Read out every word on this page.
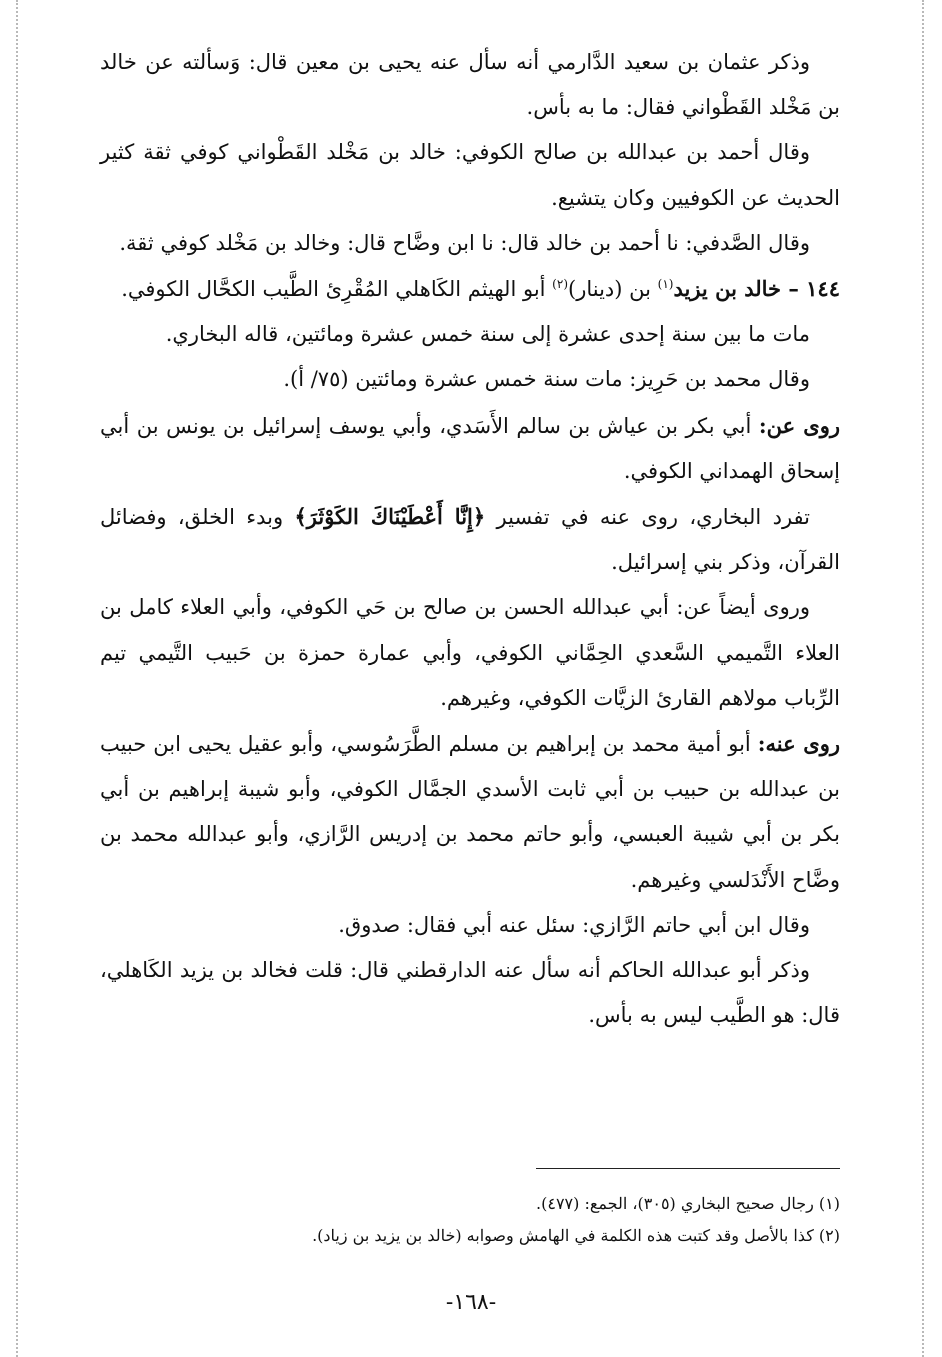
وذكر عثمان بن سعيد الدَّارمي أنه سأل عنه يحيى بن معين قال: وَسألته عن خالد بن مَخْلد القَطْواني فقال: ما به بأس.

وقال أحمد بن عبدالله بن صالح الكوفي: خالد بن مَخْلد القَطْواني كوفي ثقة كثير الحديث عن الكوفيين وكان يتشيع.

وقال الصَّدفي: نا أحمد بن خالد قال: نا ابن وضَّاح قال: وخالد بن مَخْلد كوفي ثقة.

١٤٤ – خالد بن يزيد$^{(١)}$ بن (دينار)$^{(٢)}$ أبو الهيثم الكَاهلي المُقْرِئ الطَّيب الكحَّال الكوفي.

مات ما بين سنة إحدى عشرة إلى سنة خمس عشرة ومائتين، قاله البخاري.

وقال محمد بن حَرِيز: مات سنة خمس عشرة ومائتين (٧٥/ أ).

روى عن: أبي بكر بن عياش بن سالم الأَسَدي، وأبي يوسف إسرائيل بن يونس بن أبي إسحاق الهمداني الكوفي.

تفرد البخاري، روى عنه في تفسير ﴿إِنَّا أَعْطَيْنَاكَ الكَوْثَرَ﴾ وبدء الخلق، وفضائل القرآن، وذكر بني إسرائيل.

وروى أيضاً عن: أبي عبدالله الحسن بن صالح بن حَي الكوفي، وأبي العلاء كامل بن العلاء التَّميمي السَّعدي الحِمَّاني الكوفي، وأبي عمارة حمزة بن حَبيب التَّيمي تيم الرِّباب مولاهم القارئ الزيَّات الكوفي، وغيرهم.

روى عنه: أبو أمية محمد بن إبراهيم بن مسلم الطَّرَسُوسي، وأبو عقيل يحيى ابن حبيب بن عبدالله بن حبيب بن أبي ثابت الأسدي الجمَّال الكوفي، وأبو شيبة إبراهيم بن أبي بكر بن أبي شيبة العبسي، وأبو حاتم محمد بن إدريس الرَّازي، وأبو عبدالله محمد بن وضَّاح الأَنْدَلسي وغيرهم.

وقال ابن أبي حاتم الرَّازي: سئل عنه أبي فقال: صدوق.

وذكر أبو عبدالله الحاكم أنه سأل عنه الدارقطني قال: قلت فخالد بن يزيد الكَاهلي، قال: هو الطَّيب ليس به بأس.

(١) رجال صحيح البخاري (٣٠٥)، الجمع: (٤٧٧).

(٢) كذا بالأصل وقد كتبت هذه الكلمة في الهامش وصوابه (خالد بن يزيد بن زياد).

-١٦٨-
